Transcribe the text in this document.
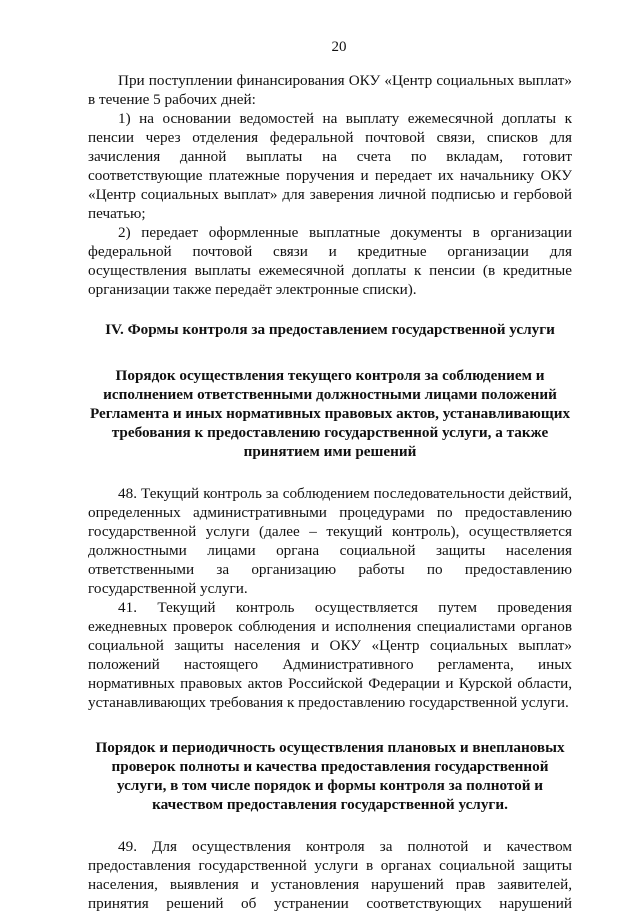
20

При поступлении финансирования ОКУ «Центр социальных выплат» в течение 5 рабочих дней:

1) на основании ведомостей на выплату ежемесячной доплаты к пенсии через отделения федеральной почтовой связи, списков для зачисления данной выплаты на счета по вкладам, готовит соответствующие платежные поручения и передает их начальнику ОКУ «Центр социальных выплат» для заверения личной подписью и гербовой печатью;

2) передает оформленные выплатные документы в организации федеральной почтовой связи и кредитные организации для осуществления выплаты ежемесячной доплаты к пенсии (в кредитные организации также передаёт электронные списки).

IV. Формы контроля за предоставлением государственной услуги
Порядок осуществления текущего контроля за соблюдением и исполнением ответственными должностными лицами положений Регламента и иных нормативных правовых актов, устанавливающих требования к предоставлению государственной услуги, а также принятием ими решений

48. Текущий контроль за соблюдением последовательности действий, определенных административными процедурами по предоставлению государственной услуги (далее – текущий контроль), осуществляется должностными лицами органа социальной защиты населения ответственными за организацию работы по предоставлению государственной услуги.

41. Текущий контроль осуществляется путем проведения ежедневных проверок соблюдения и исполнения специалистами органов социальной защиты населения и ОКУ «Центр социальных выплат» положений настоящего Административного регламента, иных нормативных правовых актов Российской Федерации и Курской области, устанавливающих требования к предоставлению государственной услуги.

Порядок и периодичность осуществления плановых и внеплановых проверок полноты и качества предоставления государственной услуги, в том числе порядок и формы контроля за полнотой и качеством предоставления государственной услуги.

49. Для осуществления контроля за полнотой и качеством предоставления государственной услуги в органах социальной защиты населения, выявления и установления нарушений прав заявителей, принятия решений об устранении соответствующих нарушений
